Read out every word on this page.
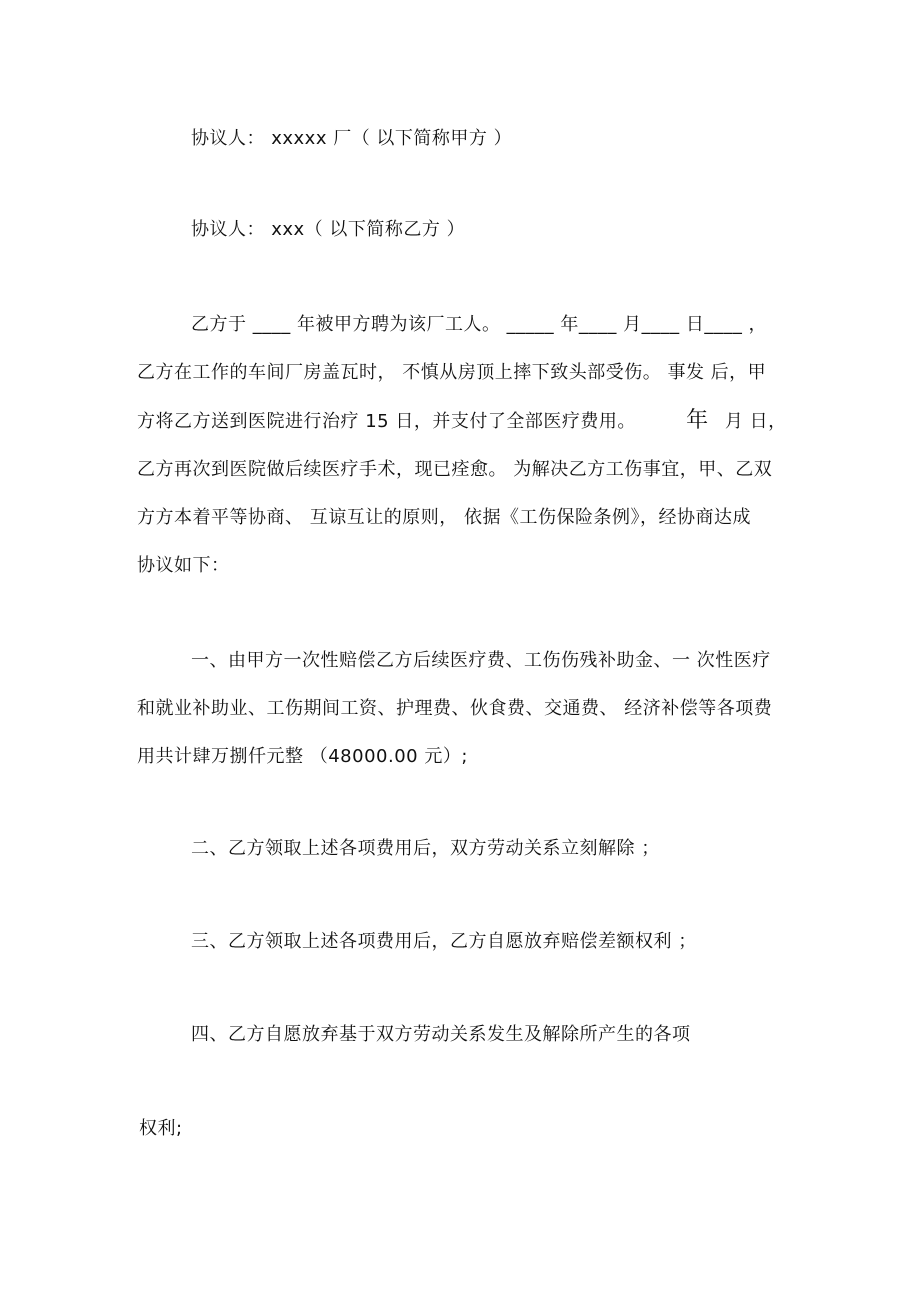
协议人： xxxxx 厂（ 以下简称甲方 ）
协议人： xxx（ 以下简称乙方 ）
乙方于 ____ 年被甲方聘为该厂工人。 _____ 年____ 月____ 日____ ，
乙方在工作的车间厂房盖瓦时， 不慎从房顶上摔下致头部受伤。 事发 后，甲
方将乙方送到医院进行治疗 15 日，并支付了全部医疗费用。 年 月 日，
乙方再次到医院做后续医疗手术，现已痊愈。 为解决乙方工伤事宜，甲、乙双
方方本着平等协商、 互谅互让的原则， 依据《工伤保险条例》，经协商达成
协议如下：
一、由甲方一次性赔偿乙方后续医疗费、工伤伤残补助金、一 次性医疗
和就业补助业、工伤期间工资、护理费、伙食费、交通费、 经济补偿等各项费
用共计肆万捌仟元整 （48000.00 元）;
二、乙方领取上述各项费用后，双方劳动关系立刻解除 ；
三、乙方领取上述各项费用后，乙方自愿放弃赔偿差额权利 ；
四、乙方自愿放弃基于双方劳动关系发生及解除所产生的各项
权利;
